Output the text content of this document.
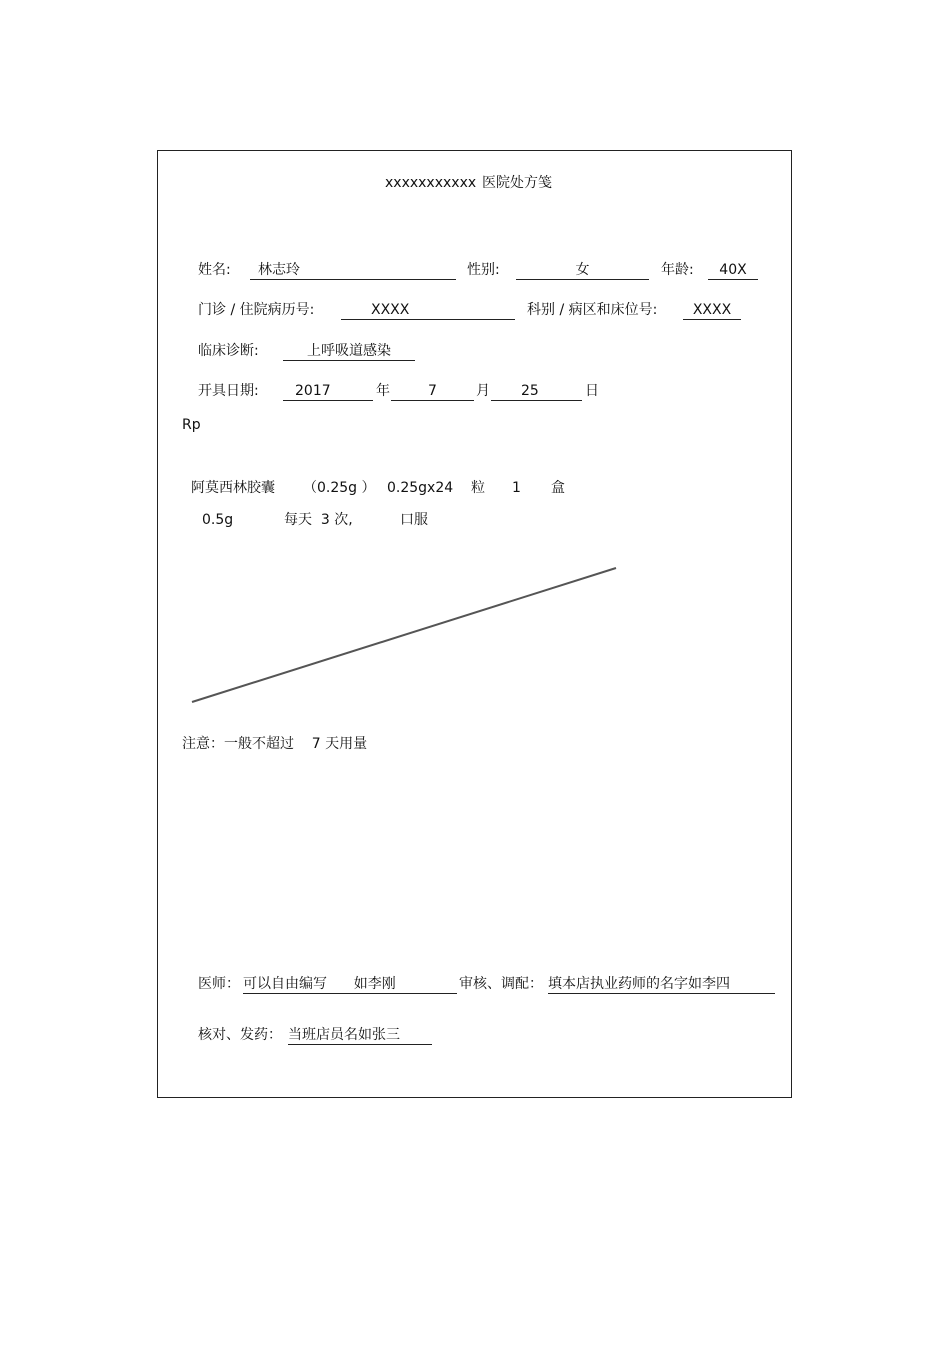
xxxxxxxxxxx 医院处方笺
姓名:	林志玲	性别:	女	年龄:	40X
门诊 / 住院病历号:	XXXX	科别 / 病区和床位号:	XXXX
临床诊断:	上呼吸道感染
开具日期:	2017	年	7	月	25	日
Rp
阿莫西林胶囊 （0.25g ） 0.25gx24 粒 1 盒
0.5g	每天  3 次,	口服
注意：一般不超过    7 天用量
医师： 可以自由编写      如李刚	审核、调配： 填本店执业药师的名字如李四
核对、发药： 当班店员名如张三
